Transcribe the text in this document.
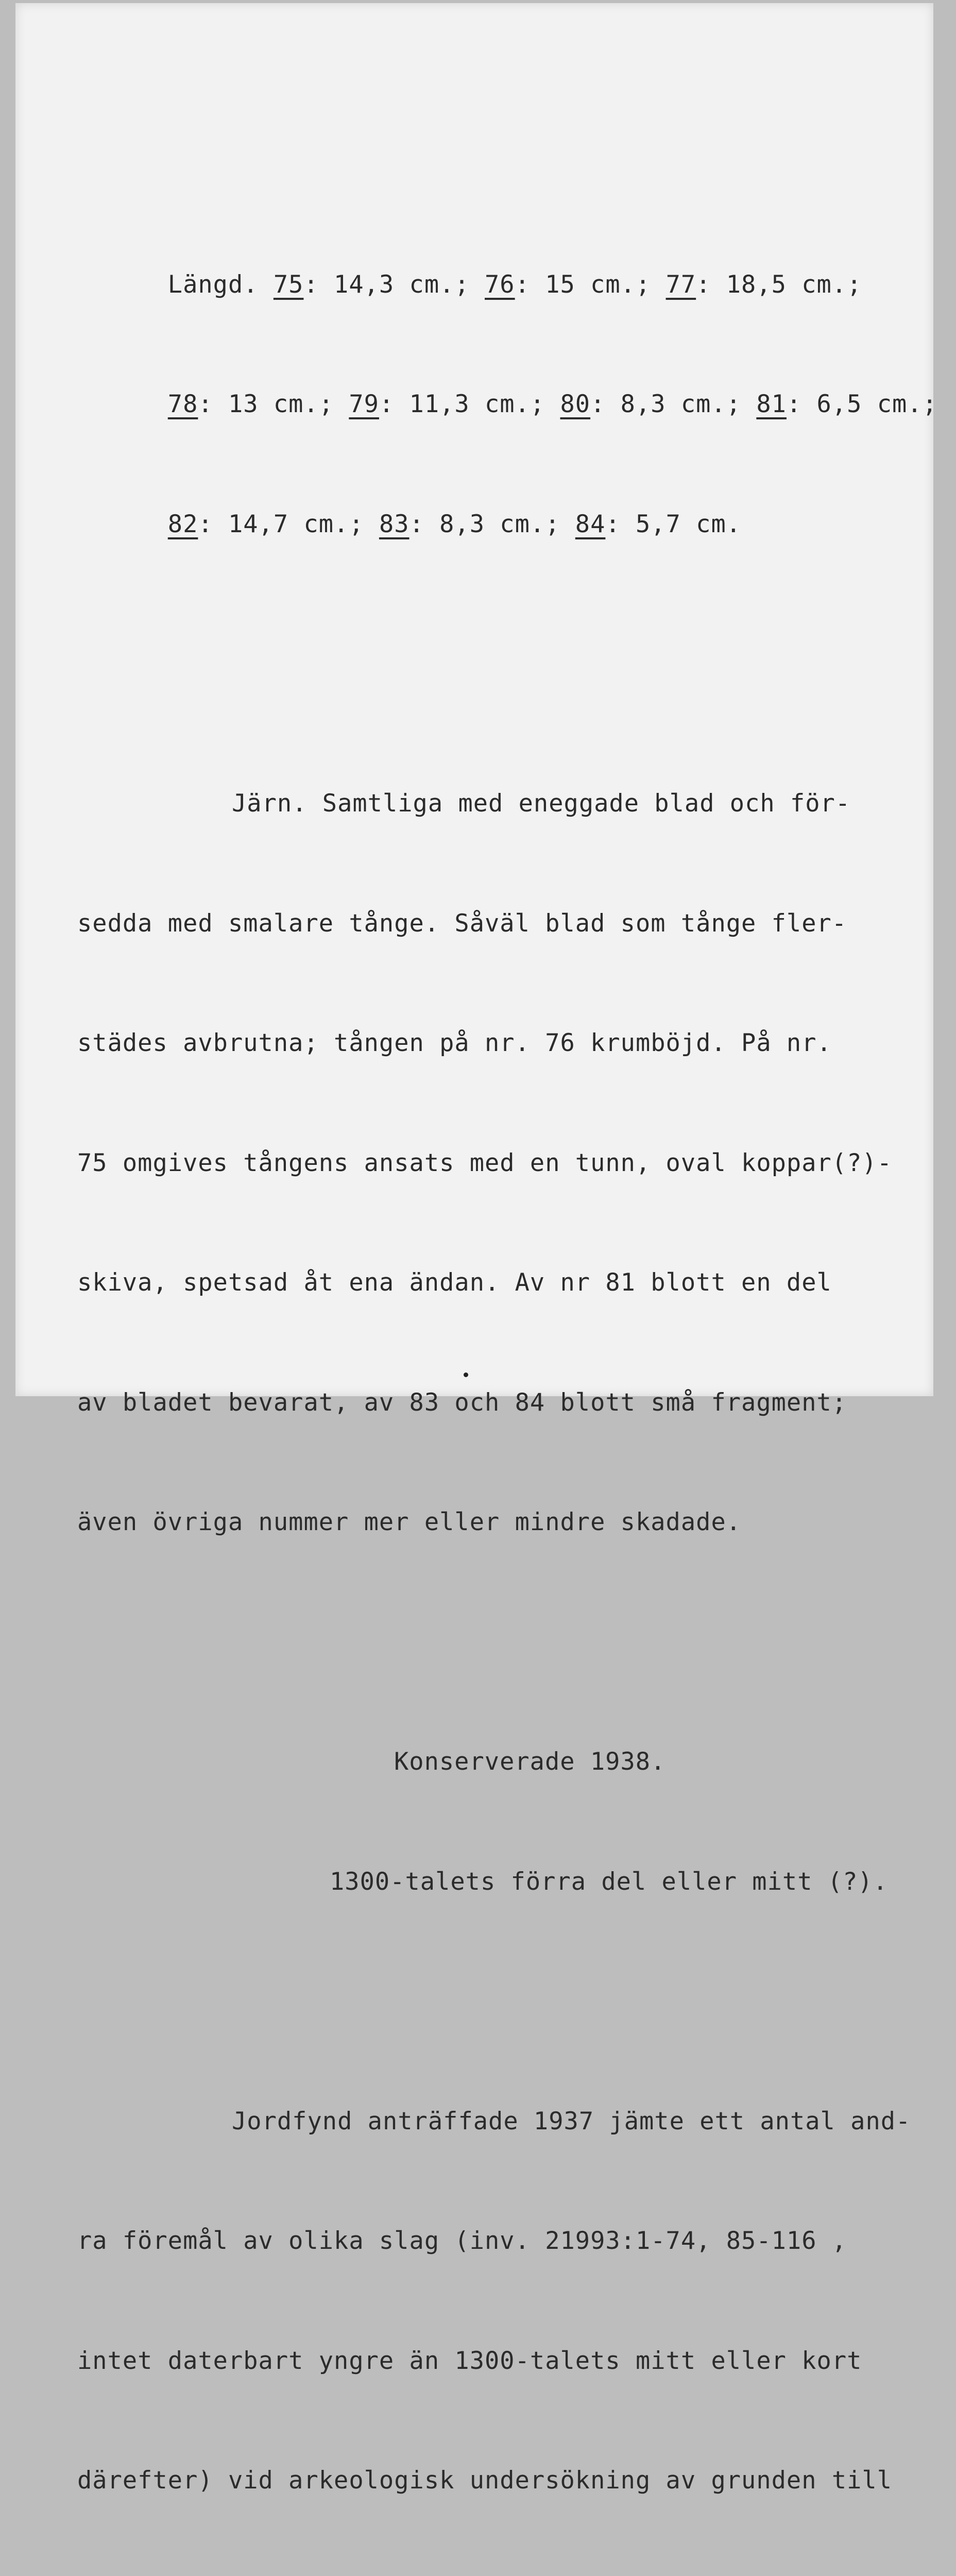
Längd. 75: 14,3 cm.; 76: 15 cm.; 77: 18,5 cm.;

78: 13 cm.; 79: 11,3 cm.; 80: 8,3 cm.; 81: 6,5 cm.;

82: 14,7 cm.; 83: 8,3 cm.; 84: 5,7 cm.

Järn. Samtliga med eneggade blad och för-

sedda med smalare tånge. Såväl blad som tånge fler-

städes avbrutna; tången på nr. 76 krumböjd. På nr.

75 omgives tångens ansats med en tunn, oval koppar(?)-

skiva, spetsad åt ena ändan. Av nr 81 blott en del

av bladet bevarat, av 83 och 84 blott små fragment;

även övriga nummer mer eller mindre skadade.

Konserverade 1938.

1300-talets förra del eller mitt (?).

Jordfynd anträffade 1937 jämte ett antal and-

ra föremål av olika slag (inv. 21993:1-74, 85-116 ,

intet daterbart yngre än 1300-talets mitt eller kort

därefter) vid arkeologisk undersökning av grunden till
